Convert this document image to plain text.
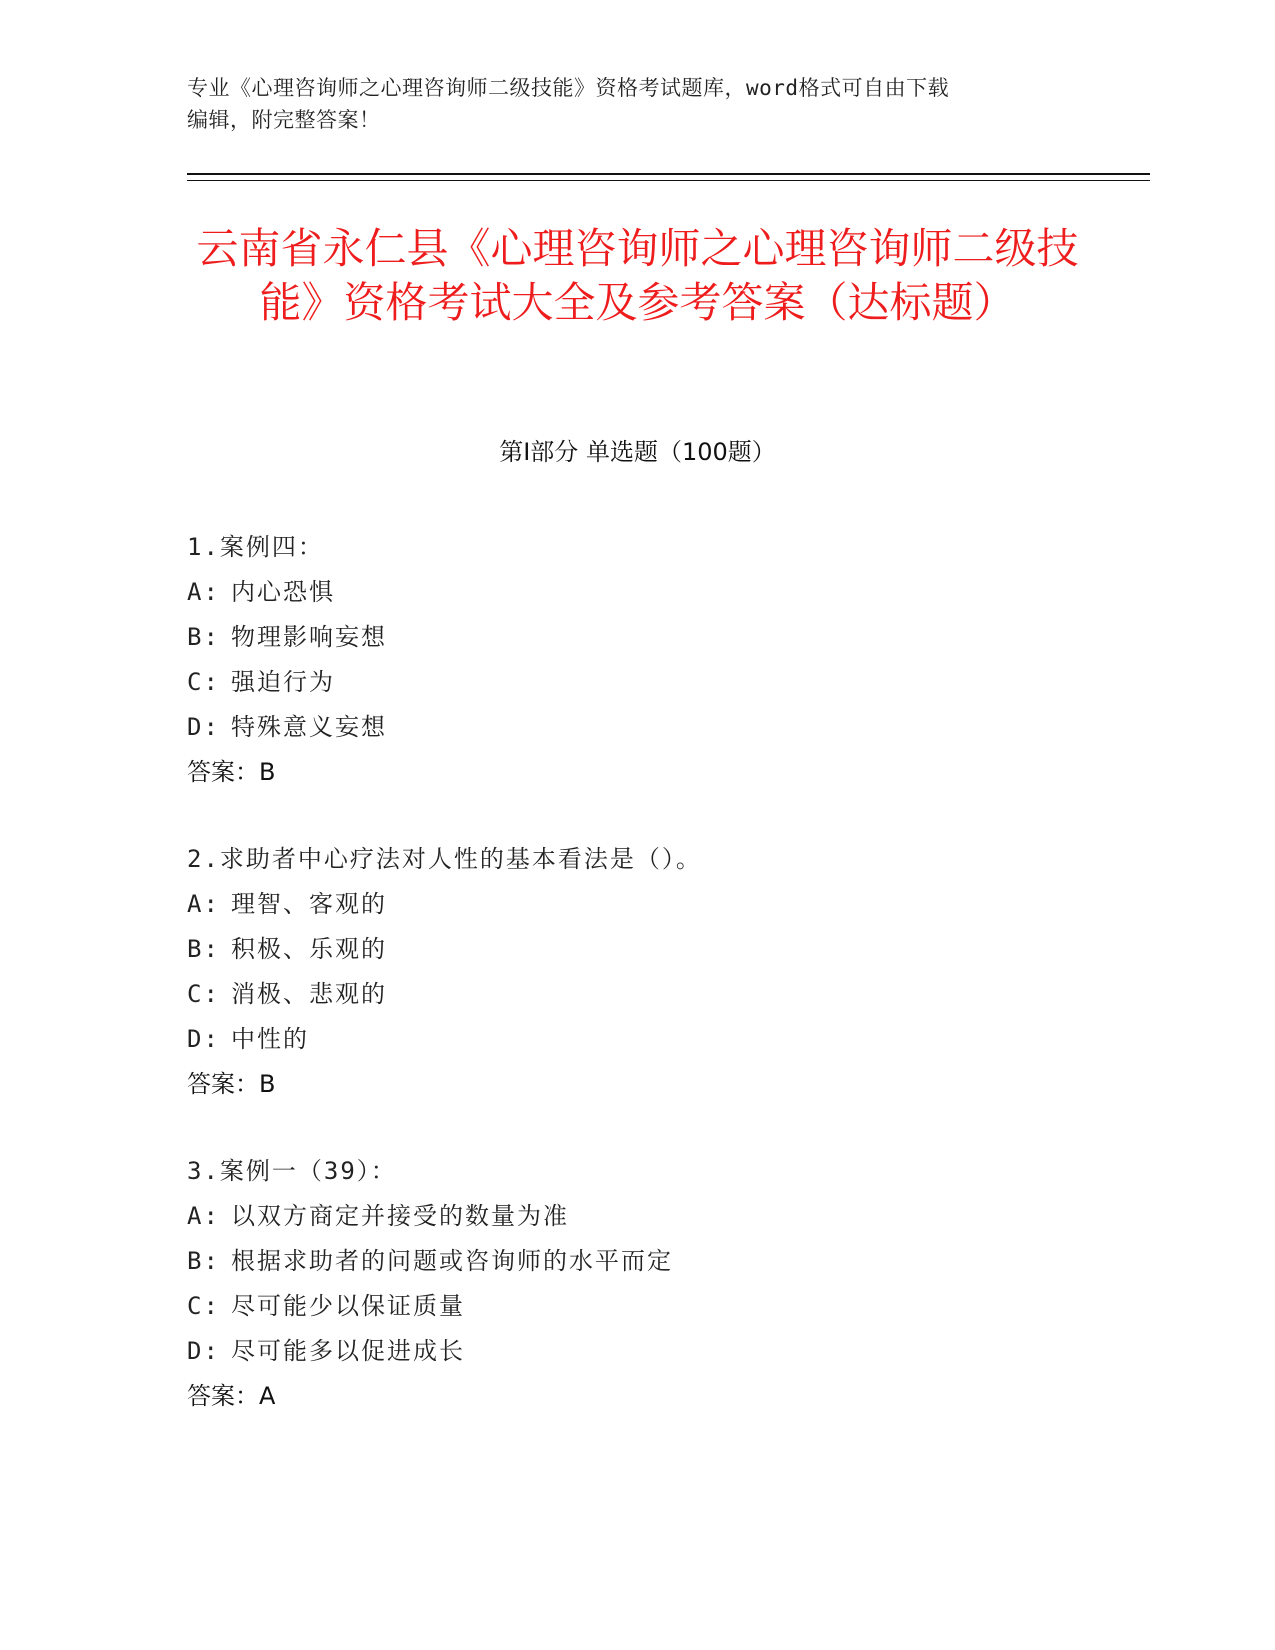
专业《心理咨询师之心理咨询师二级技能》资格考试题库，word格式可自由下载
编辑，附完整答案！
云南省永仁县《心理咨询师之心理咨询师二级技能》资格考试大全及参考答案（达标题）
第I部分 单选题（100题）
1.案例四：
A: 内心恐惧
B: 物理影响妄想
C: 强迫行为
D: 特殊意义妄想
答案：B
2.求助者中心疗法对人性的基本看法是（）。
A: 理智、客观的
B: 积极、乐观的
C: 消极、悲观的
D: 中性的
答案：B
3.案例一（39）：
A: 以双方商定并接受的数量为准
B: 根据求助者的问题或咨询师的水平而定
C: 尽可能少以保证质量
D: 尽可能多以促进成长
答案：A
